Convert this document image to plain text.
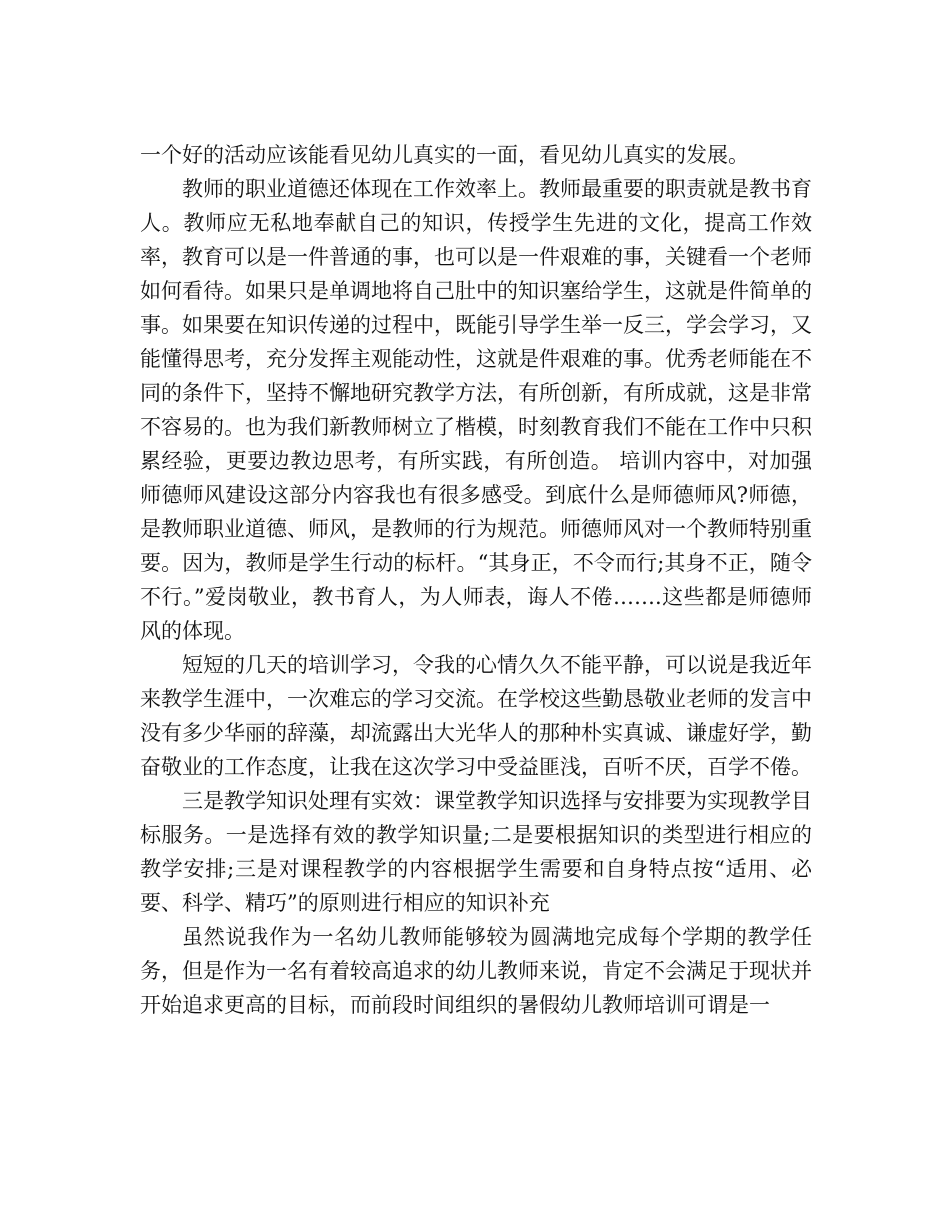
一个好的活动应该能看见幼儿真实的一面，看见幼儿真实的发展。

教师的职业道德还体现在工作效率上。教师最重要的职责就是教书育人。教师应无私地奉献自己的知识，传授学生先进的文化，提高工作效率，教育可以是一件普通的事，也可以是一件艰难的事，关键看一个老师如何看待。如果只是单调地将自己肚中的知识塞给学生，这就是件简单的事。如果要在知识传递的过程中，既能引导学生举一反三，学会学习，又能懂得思考，充分发挥主观能动性，这就是件艰难的事。优秀老师能在不同的条件下，坚持不懈地研究教学方法，有所创新，有所成就，这是非常不容易的。也为我们新教师树立了楷模，时刻教育我们不能在工作中只积累经验，更要边教边思考，有所实践，有所创造。 培训内容中，对加强师德师风建设这部分内容我也有很多感受。到底什么是师德师风?师德，是教师职业道德、师风，是教师的行为规范。师德师风对一个教师特别重要。因为，教师是学生行动的标杆。“其身正，不令而行;其身不正，随令不行。”爱岗敬业，教书育人，为人师表，诲人不倦…….这些都是师德师风的体现。

短短的几天的培训学习，令我的心情久久不能平静，可以说是我近年来教学生涯中，一次难忘的学习交流。在学校这些勤恳敬业老师的发言中没有多少华丽的辞藻，却流露出大光华人的那种朴实真诚、谦虚好学，勤奋敬业的工作态度，让我在这次学习中受益匪浅，百听不厌，百学不倦。

三是教学知识处理有实效：课堂教学知识选择与安排要为实现教学目标服务。一是选择有效的教学知识量;二是要根据知识的类型进行相应的教学安排;三是对课程教学的内容根据学生需要和自身特点按“适用、必要、科学、精巧”的原则进行相应的知识补充

虽然说我作为一名幼儿教师能够较为圆满地完成每个学期的教学任务，但是作为一名有着较高追求的幼儿教师来说，肯定不会满足于现状并开始追求更高的目标，而前段时间组织的暑假幼儿教师培训可谓是一
